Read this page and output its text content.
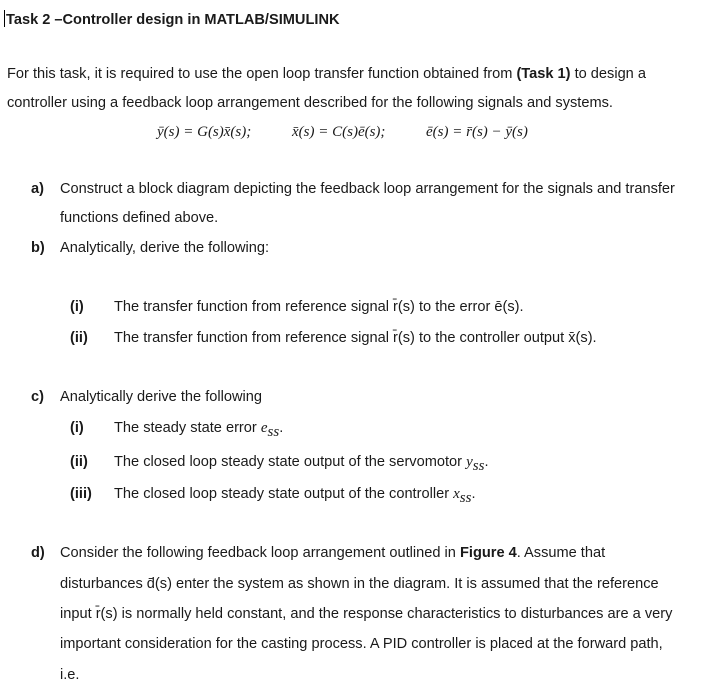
Task 2 –Controller design in MATLAB/SIMULINK
For this task, it is required to use the open loop transfer function obtained from (Task 1) to design a
controller using a feedback loop arrangement described for the following signals and systems.
ȳ(s) = G(s)x̄(s);	x̄(s) = C(s)ē(s);	ē(s) = r̄(s) − ȳ(s)
a) Construct a block diagram depicting the feedback loop arrangement for the signals and transfer
functions defined above.
b) Analytically, derive the following:
(i) The transfer function from reference signal r̄(s) to the error ē(s).
(ii) The transfer function from reference signal r̄(s) to the controller output x̄(s).
c) Analytically derive the following
(i) The steady state error $e_{ss}$.
(ii) The closed loop steady state output of the servomotor $y_{ss}$.
(iii) The closed loop steady state output of the controller $x_{ss}$.
d) Consider the following feedback loop arrangement outlined in Figure 4. Assume that
disturbances d̄(s) enter the system as shown in the diagram. It is assumed that the reference
input r̄(s) is normally held constant, and the response characteristics to disturbances are a very
important consideration for the casting process. A PID controller is placed at the forward path,
i.e.
